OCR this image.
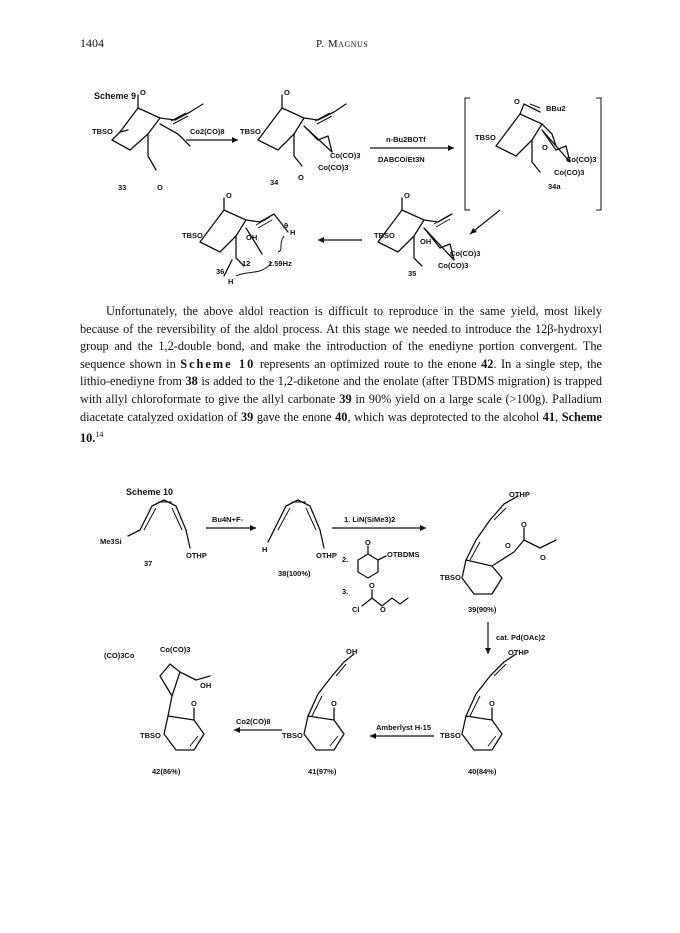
1404	P. Magnus
Scheme 9 O
TBSO
33	O
Co2(CO)8
O
TBSO
Co(CO)3
Co(CO)3
34
O
n-Bu2BOTf
DABCO/Et3N
O
BBu2
TBSO
O
Co(CO)3
Co(CO)3
34a
O
TBSO
OH
Co(CO)3
Co(CO)3
35
O
TBSO	OH
9
H
12 1.59Hz
36
H
Unfortunately, the above aldol reaction is difficult to reproduce in the same yield, most likely because of the reversibility of the aldol process. At this stage we needed to introduce the 12β-hydroxyl group and the 1,2-double bond, and make the introduction of the enediyne portion convergent. The sequence shown in Scheme 10 represents an optimized route to the enone 42. In a single step, the lithio-enediyne from 38 is added to the 1,2-diketone and the enolate (after TBDMS migration) is trapped with allyl chloroformate to give the allyl carbonate 39 in 90% yield on a large scale (>100g). Palladium diacetate catalyzed oxidation of 39 gave the enone 40, which was deprotected to the alcohol 41, Scheme 10.14
Scheme 10
Me3Si
OTHP
37
Bu4N+F-
H
OTHP
38(100%)
1. LiN(SiMe3)2
2.
O
OTBDMS
3.
O
Cl	O
OTHP
O
O
O
TBSO
39(90%)
cat. Pd(OAc)2
OTHP
O
TBSO
40(84%)
Amberlyst H-15
OH
O
TBSO
41(97%)
Co2(CO)8
(CO)3Co
Co(CO)3
OH
O
TBSO
42(86%)
